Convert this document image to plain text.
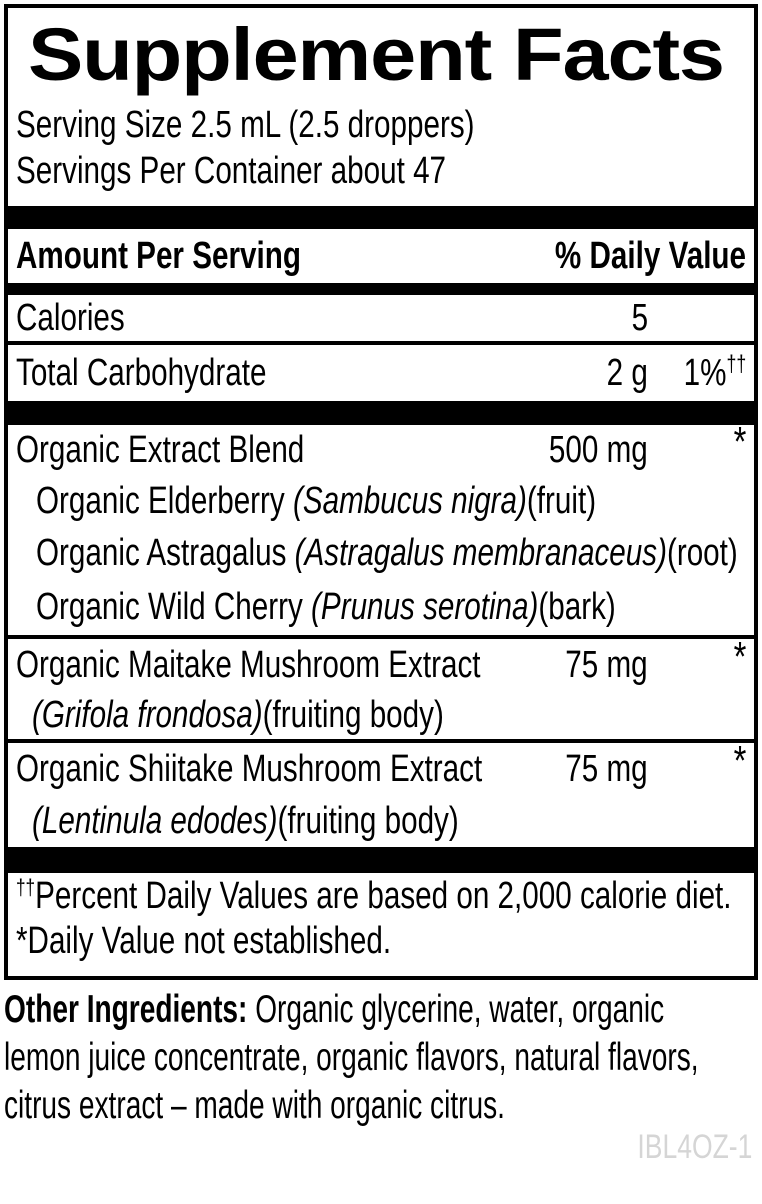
Supplement Facts
Serving Size 2.5 mL (2.5 droppers)
Servings Per Container about 47
Amount Per Serving	% Daily Value
Calories	5
Total Carbohydrate	2 g 1%††
Organic Extract Blend	500 mg *
Organic Elderberry (Sambucus nigra)(fruit)
Organic Astragalus (Astragalus membranaceus)(root)
Organic Wild Cherry (Prunus serotina)(bark)
Organic Maitake Mushroom Extract	75 mg *
(Grifola frondosa)(fruiting body)
Organic Shiitake Mushroom Extract	75 mg *
(Lentinula edodes)(fruiting body)
††Percent Daily Values are based on 2,000 calorie diet.
*Daily Value not established.
Other Ingredients: Organic glycerine, water, organic
lemon juice concentrate, organic flavors, natural flavors,
citrus extract – made with organic citrus.
IBL4OZ-1
